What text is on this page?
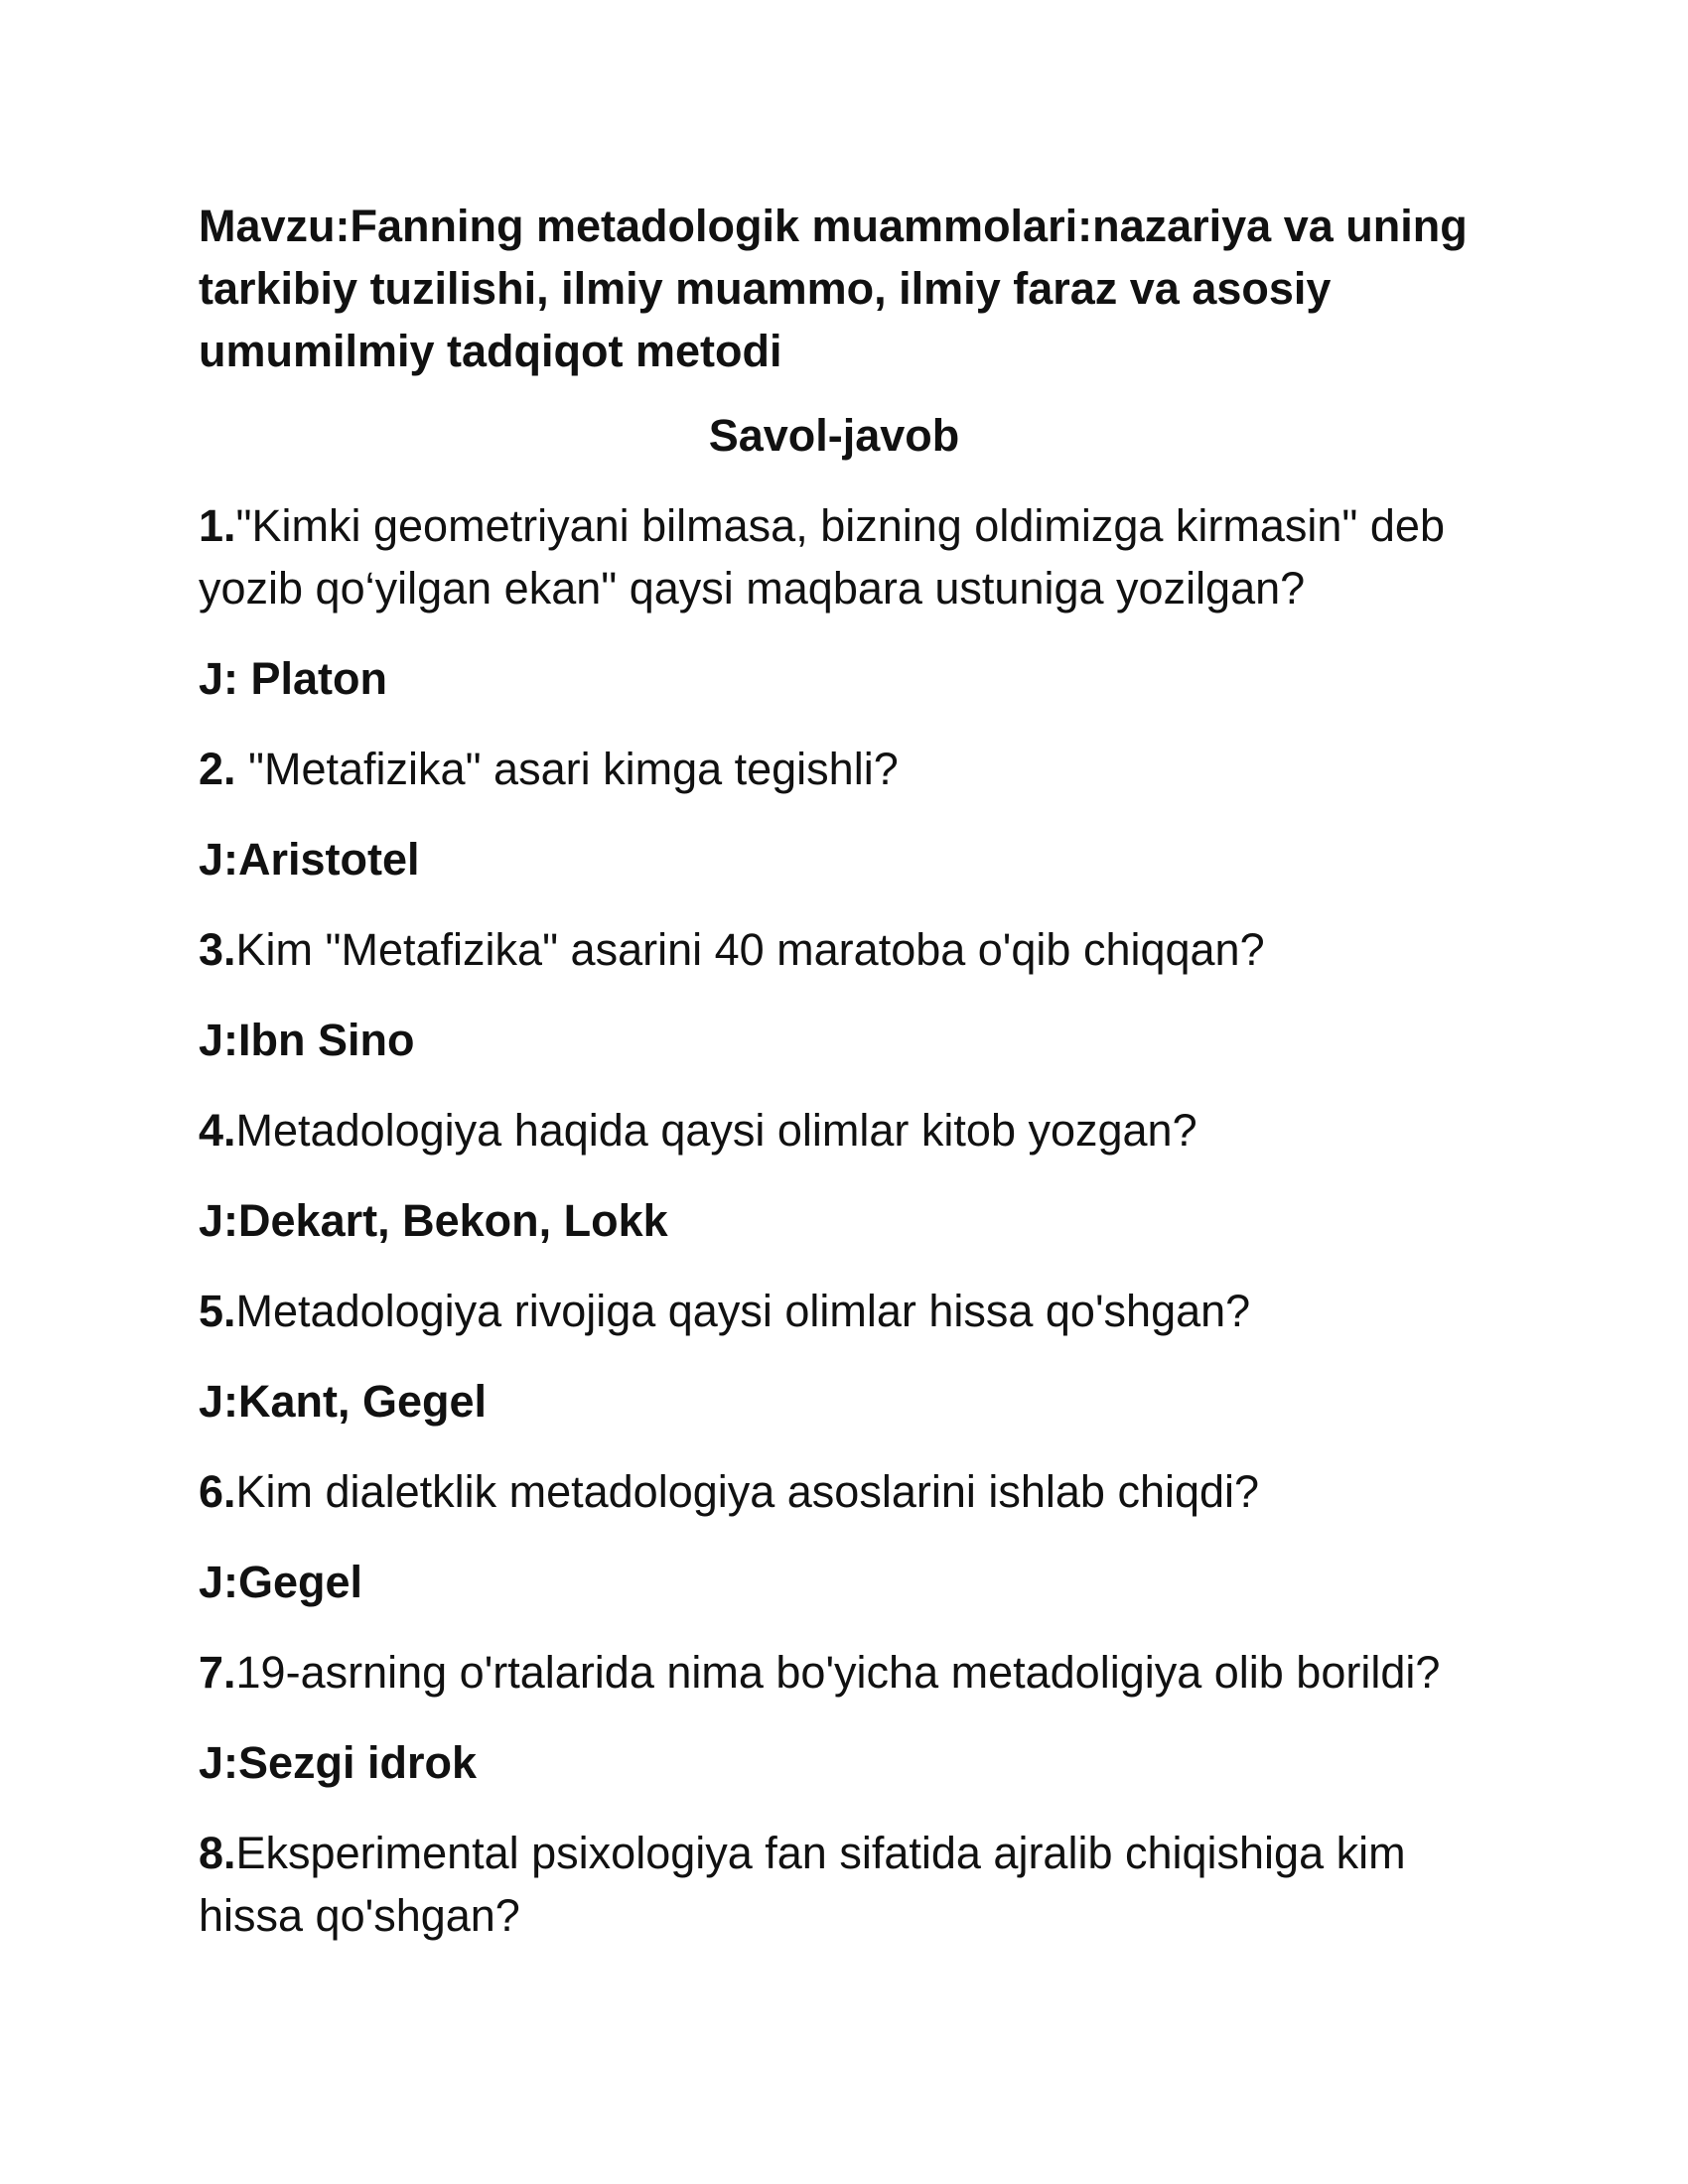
Mavzu:Fanning metadologik muammolari:nazariya va uning tarkibiy tuzilishi, ilmiy muammo, ilmiy faraz va asosiy umumilmiy tadqiqot metodi

Savol-javob

1."Kimki geometriyani bilmasa, bizning oldimizga kirmasin" deb yozib qo‘yilgan ekan" qaysi maqbara ustuniga yozilgan?

J: Platon

2. "Metafizika" asari kimga tegishli?

J:Aristotel

3.Kim "Metafizika" asarini 40 maratoba o'qib chiqqan?

J:Ibn Sino

4.Metadologiya haqida qaysi olimlar kitob yozgan?

J:Dekart, Bekon, Lokk

5.Metadologiya rivojiga qaysi olimlar hissa qo'shgan?

J:Kant, Gegel

6.Kim dialetklik metadologiya asoslarini ishlab chiqdi?

J:Gegel

7.19-asrning o'rtalarida nima bo'yicha metadoligiya olib borildi?

J:Sezgi idrok

8.Eksperimental psixologiya fan sifatida ajralib chiqishiga kim hissa qo'shgan?
